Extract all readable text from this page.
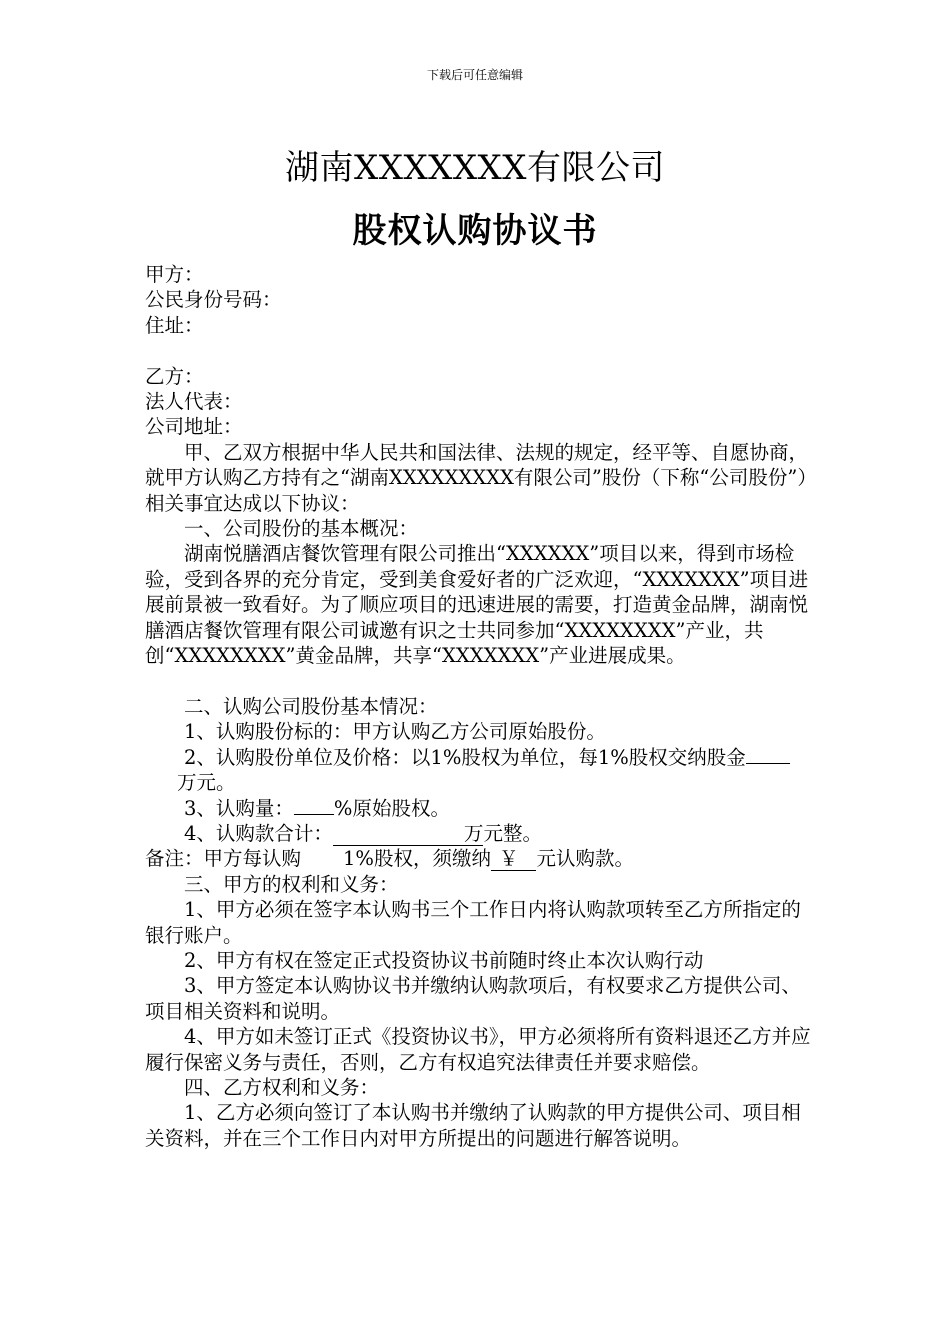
下载后可任意编辑
湖南XXXXXXX有限公司
股权认购协议书

甲方：

公民身份号码：

住址：

乙方：

法人代表：

公司地址：

甲、乙双方根据中华人民共和国法律、法规的规定，经平等、自愿协商，就甲方认购乙方持有之“湖南XXXXXXXXX有限公司”股份（下称“公司股份”）相关事宜达成以下协议：

一、公司股份的基本概况：

湖南悦膳酒店餐饮管理有限公司推出“XXXXXX”项目以来，得到市场检验，受到各界的充分肯定，受到美食爱好者的广泛欢迎，“XXXXXXX”项目进展前景被一致看好。为了顺应项目的迅速进展的需要，打造黄金品牌，湖南悦膳酒店餐饮管理有限公司诚邀有识之士共同参加“XXXXXXXX”产业，共创“XXXXXXXX”黄金品牌，共享“XXXXXXX”产业进展成果。

二、认购公司股份基本情况：

1、认购股份标的：甲方认购乙方公司原始股份。

2、认购股份单位及价格：以1%股权为单位，每1%股权交纳股金万元。

3、认购量： %原始股权。

4、认购款合计：	万元整。

备注：甲方每认购 1%股权，须缴纳 ￥ 元认购款。

三、甲方的权利和义务：

1、甲方必须在签字本认购书三个工作日内将认购款项转至乙方所指定的银行账户。

2、甲方有权在签定正式投资协议书前随时终止本次认购行动

3、甲方签定本认购协议书并缴纳认购款项后，有权要求乙方提供公司、项目相关资料和说明。

4、甲方如未签订正式《投资协议书》，甲方必须将所有资料退还乙方并应履行保密义务与责任，否则，乙方有权追究法律责任并要求赔偿。

四、乙方权利和义务：

1、乙方必须向签订了本认购书并缴纳了认购款的甲方提供公司、项目相关资料，并在三个工作日内对甲方所提出的问题进行解答说明。
